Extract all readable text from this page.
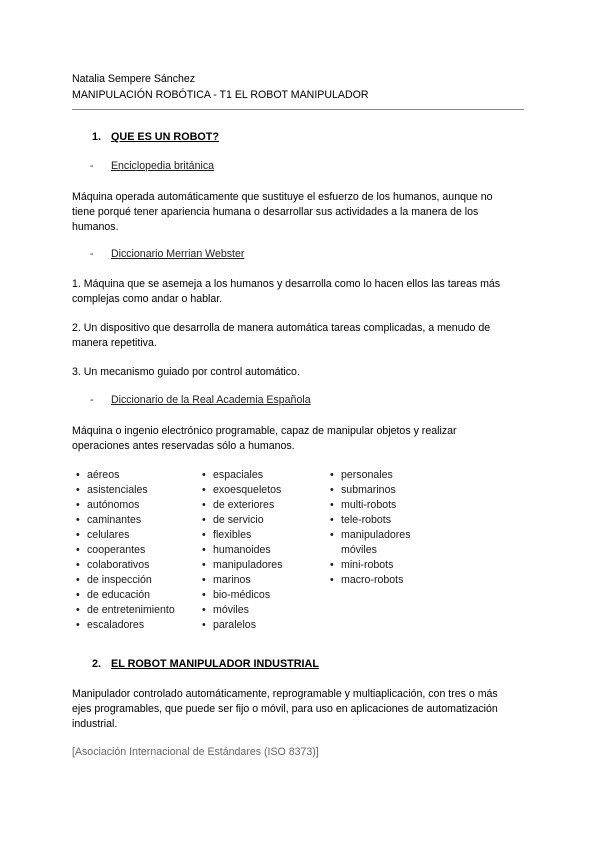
Natalia Sempere Sánchez
MANIPULACIÓN ROBÓTICA - T1 EL ROBOT MANIPULADOR
1. QUE ES UN ROBOT?
- Enciclopedia británica
Máquina operada automáticamente que sustituye el esfuerzo de los humanos, aunque no
tiene porqué tener apariencia humana o desarrollar sus actividades a la manera de los
humanos.
- Diccionario Merrian Webster
1. Máquina que se asemeja a los humanos y desarrolla como lo hacen ellos las tareas más
complejas como andar o hablar.
2. Un dispositivo que desarrolla de manera automática tareas complicadas, a menudo de
manera repetitiva.
3. Un mecanismo guiado por control automático.
- Diccionario de la Real Academia Española
Máquina o ingenio electrónico programable, capaz de manipular objetos y realizar
operaciones antes reservadas sólo a humanos.
• aéreos
• asistenciales
• autónomos
• caminantes
• celulares
• cooperantes
• colaborativos
• de inspección
• de educación
• de entretenimiento
• escaladores
• espaciales
• exoesqueletos
• de exteriores
• de servicio
• flexibles
• humanoides
• manipuladores
• marinos
• bio-médicos
• móviles
• paralelos
• personales
• submarinos
• multi-robots
• tele-robots
• manipuladores
móviles
• mini-robots
• macro-robots
2. EL ROBOT MANIPULADOR INDUSTRIAL
Manipulador controlado automáticamente, reprogramable y multiaplicación, con tres o más
ejes programables, que puede ser fijo o móvil, para uso en aplicaciones de automatización
industrial.
[Asociación Internacional de Estándares (ISO 8373)]
